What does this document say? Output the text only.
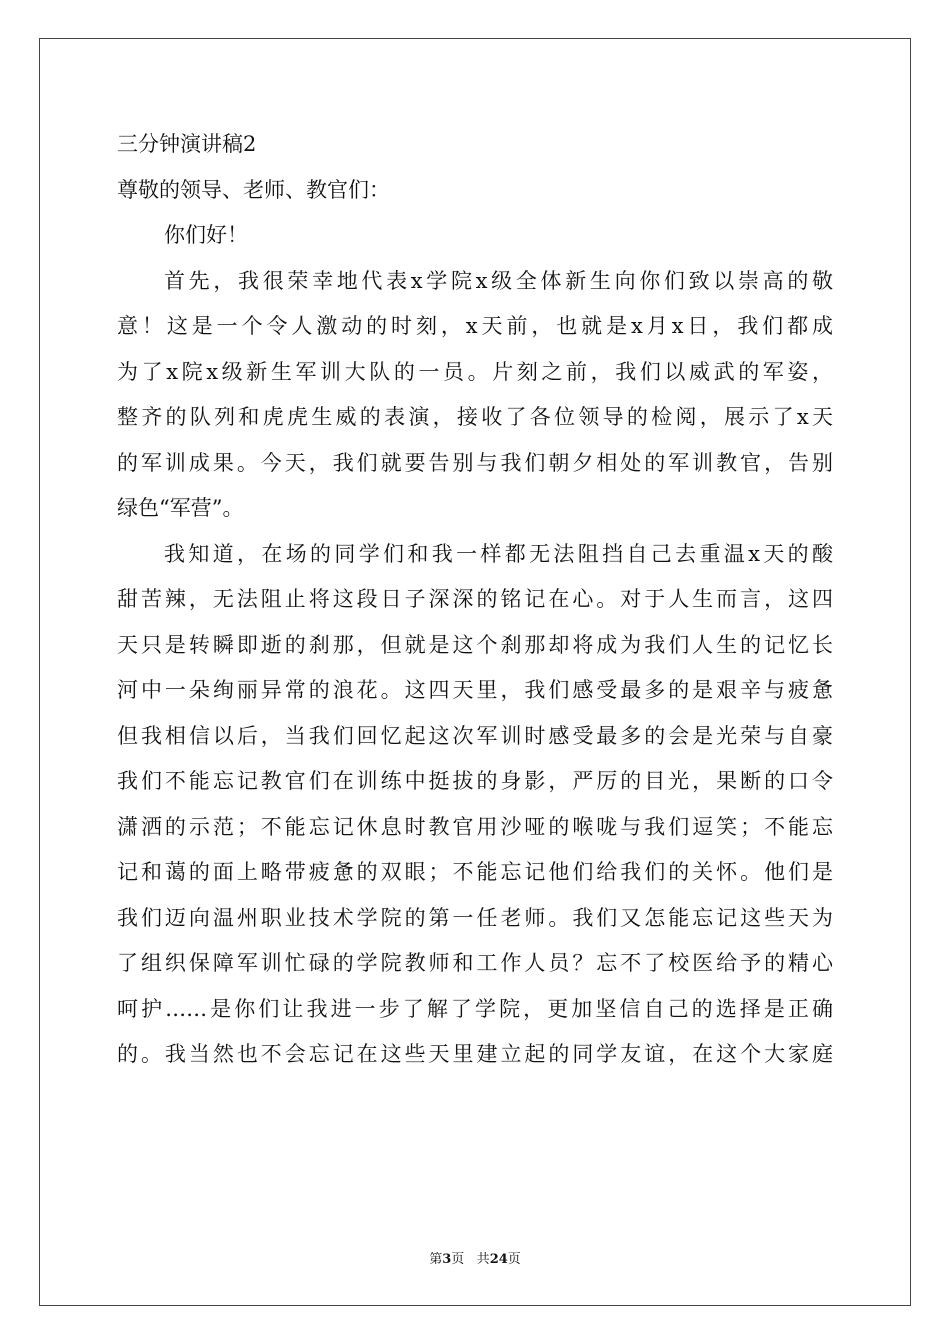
三分钟演讲稿2
尊敬的领导、老师、教官们：
你们好！
首先，我很荣幸地代表x学院x级全体新生向你们致以崇高的敬
意！这是一个令人激动的时刻，x天前，也就是x月x日，我们都成
为了x院x级新生军训大队的一员。片刻之前，我们以威武的军姿，
整齐的队列和虎虎生威的表演，接收了各位领导的检阅，展示了x天
的军训成果。今天，我们就要告别与我们朝夕相处的军训教官，告别
绿色“军营”。
我知道，在场的同学们和我一样都无法阻挡自己去重温x天的酸
甜苦辣，无法阻止将这段日子深深的铭记在心。对于人生而言，这四
天只是转瞬即逝的刹那，但就是这个刹那却将成为我们人生的记忆长
河中一朵绚丽异常的浪花。这四天里，我们感受最多的是艰辛与疲惫
但我相信以后，当我们回忆起这次军训时感受最多的会是光荣与自豪
我们不能忘记教官们在训练中挺拔的身影，严厉的目光，果断的口令
潇洒的示范；不能忘记休息时教官用沙哑的喉咙与我们逗笑；不能忘
记和蔼的面上略带疲惫的双眼；不能忘记他们给我们的关怀。他们是
我们迈向温州职业技术学院的第一任老师。我们又怎能忘记这些天为
了组织保障军训忙碌的学院教师和工作人员？忘不了校医给予的精心
呵护……是你们让我进一步了解了学院，更加坚信自己的选择是正确
的。我当然也不会忘记在这些天里建立起的同学友谊，在这个大家庭
第3页 共24页
